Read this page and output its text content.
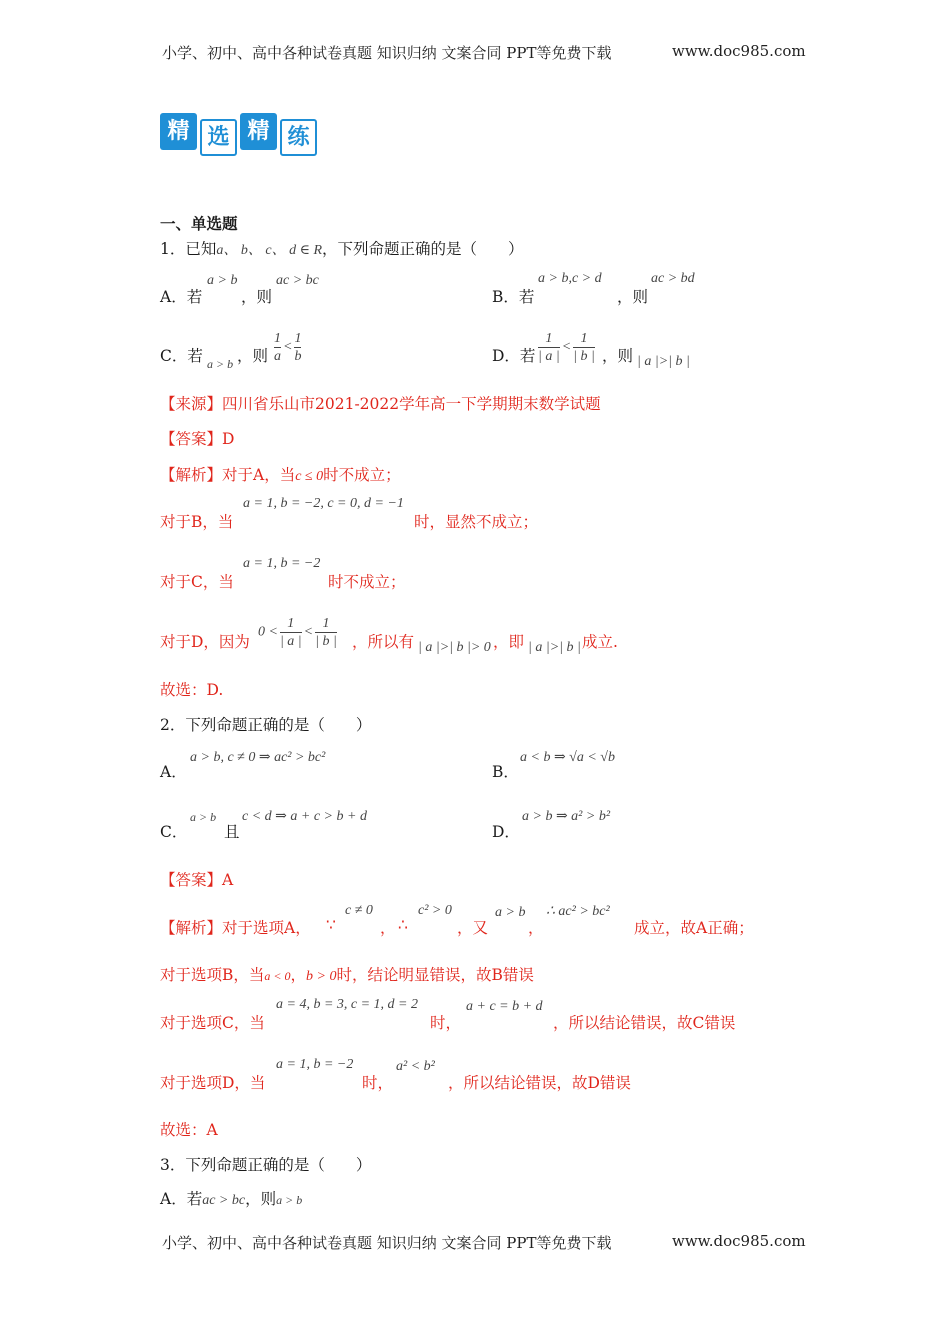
小学、初中、高中各种试卷真题 知识归纳 文案合同 PPT等免费下载	www.doc985.com
精 选 精 练
一、单选题
1．已知a、 b、 c、 d ∈ R，下列命题正确的是（　　）
A．若
a > b
，则
ac > bc
B．若
a > b,c > d
，则
ac > bd
C．若 a > b ，则 $\frac{1}{a} < \frac{1}{b}$	D．若 $\frac{1}{| a |} < \frac{1}{| b |}$ ，则 | a |>| b |
【来源】四川省乐山市2021-2022学年高一下学期期末数学试题
【答案】D
【解析】对于A，当c ≤ 0时不成立；
对于B，当
a = 1, b = −2, c = 0, d = −1
时，显然不成立；
对于C，当
a = 1, b = −2
时不成立；
对于D，因为
$0 < \frac{1}{| a |} < \frac{1}{| b |}$ ，所以有 | a |>| b |> 0 ，即 | a |>| b | 成立.
故选：D.
2．下列命题正确的是（　　）
A．
a > b, c ≠ 0 ⇒ ac² > bc²
B．
a < b ⇒ √a < √b
C．
a > b
且
c < d ⇒ a + c > b + d
D．
a > b ⇒ a² > b²
【答案】A
【解析】对于选项A， ∵
c ≠ 0
， ∴
c² > 0
，又
a > b
，
∴ ac² > bc²
成立，故A正确；
对于选项B，当a < 0，b > 0时，结论明显错误，故B错误
对于选项C，当
a = 4, b = 3, c = 1, d = 2
时，
a + c = b + d
，所以结论错误，故C错误
对于选项D，当
a = 1, b = −2
时，
a² < b²
，所以结论错误，故D错误
故选：A
3．下列命题正确的是（　　）
A．若ac > bc，则a > b
小学、初中、高中各种试卷真题 知识归纳 文案合同 PPT等免费下载	www.doc985.com
